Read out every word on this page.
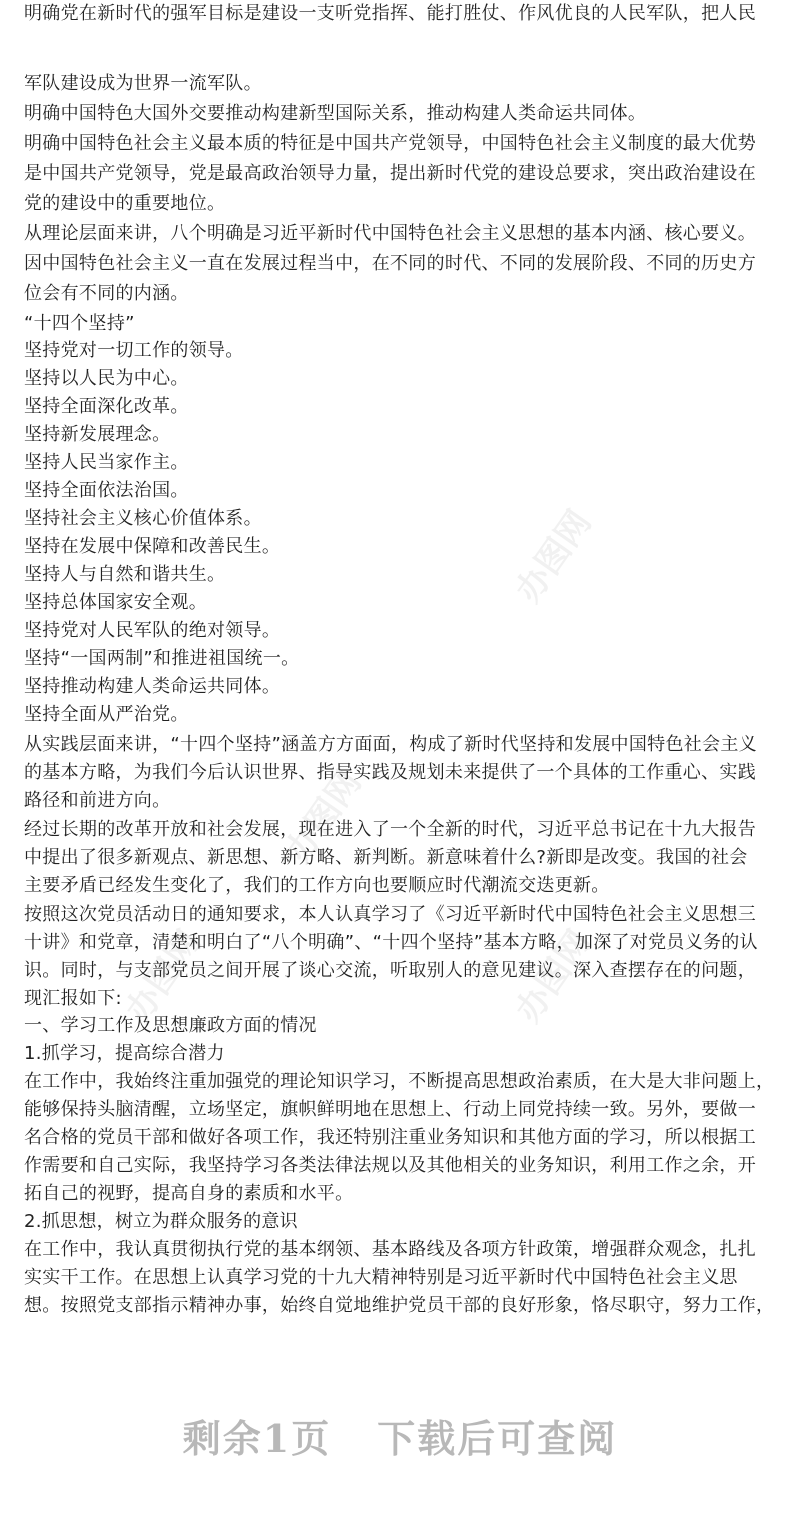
办图网
办图网
办图网
办图网
明确党在新时代的强军目标是建设一支听党指挥、能打胜仗、作风优良的人民军队，把人民
军队建设成为世界一流军队。
明确中国特色大国外交要推动构建新型国际关系，推动构建人类命运共同体。
明确中国特色社会主义最本质的特征是中国共产党领导，中国特色社会主义制度的最大优势
是中国共产党领导，党是最高政治领导力量，提出新时代党的建设总要求，突出政治建设在
党的建设中的重要地位。
从理论层面来讲，八个明确是习近平新时代中国特色社会主义思想的基本内涵、核心要义。
因中国特色社会主义一直在发展过程当中，在不同的时代、不同的发展阶段、不同的历史方
位会有不同的内涵。
“十四个坚持”
坚持党对一切工作的领导。
坚持以人民为中心。
坚持全面深化改革。
坚持新发展理念。
坚持人民当家作主。
坚持全面依法治国。
坚持社会主义核心价值体系。
坚持在发展中保障和改善民生。
坚持人与自然和谐共生。
坚持总体国家安全观。
坚持党对人民军队的绝对领导。
坚持“一国两制”和推进祖国统一。
坚持推动构建人类命运共同体。
坚持全面从严治党。
从实践层面来讲，“十四个坚持”涵盖方方面面，构成了新时代坚持和发展中国特色社会主义
的基本方略，为我们今后认识世界、指导实践及规划未来提供了一个具体的工作重心、实践
路径和前进方向。
经过长期的改革开放和社会发展，现在进入了一个全新的时代，习近平总书记在十九大报告
中提出了很多新观点、新思想、新方略、新判断。新意味着什么?新即是改变。我国的社会
主要矛盾已经发生变化了，我们的工作方向也要顺应时代潮流交迭更新。
按照这次党员活动日的通知要求，本人认真学习了《习近平新时代中国特色社会主义思想三
十讲》和党章，清楚和明白了“八个明确”、“十四个坚持”基本方略，加深了对党员义务的认
识。同时，与支部党员之间开展了谈心交流，听取别人的意见建议。深入查摆存在的问题，
现汇报如下:
一、学习工作及思想廉政方面的情况
1.抓学习，提高综合潜力
在工作中，我始终注重加强党的理论知识学习，不断提高思想政治素质，在大是大非问题上，
能够保持头脑清醒，立场坚定，旗帜鲜明地在思想上、行动上同党持续一致。另外，要做一
名合格的党员干部和做好各项工作，我还特别注重业务知识和其他方面的学习，所以根据工
作需要和自己实际，我坚持学习各类法律法规以及其他相关的业务知识，利用工作之余，开
拓自己的视野，提高自身的素质和水平。
2.抓思想，树立为群众服务的意识
在工作中，我认真贯彻执行党的基本纲领、基本路线及各项方针政策，增强群众观念，扎扎
实实干工作。在思想上认真学习党的十九大精神特别是习近平新时代中国特色社会主义思
想。按照党支部指示精神办事，始终自觉地维护党员干部的良好形象，恪尽职守，努力工作，
剩余1页 下载后可查阅
